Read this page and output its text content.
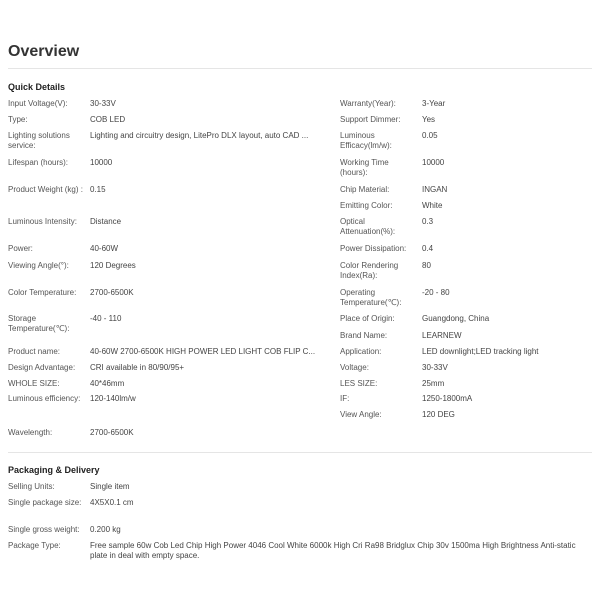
Overview
Quick Details
Input Voltage(V):	30-33V
Type:	COB LED
Lighting solutions service:
Lighting and circuitry design, LitePro DLX layout, auto CAD ...
Lifespan (hours):	10000
Product Weight (kg) : 0.15
Luminous Intensity:	Distance
Power:	40-60W
Viewing Angle(°):	120 Degrees
Color Temperature:	2700-6500K
Storage Temperature(℃):
-40 - 110
Product name:	40-60W 2700-6500K HIGH POWER LED LIGHT COB FLIP C...
Design Advantage:	CRI available in 80/90/95+
WHOLE SIZE:	40*46mm
Luminous efficiency:	120-140lm/w
Wavelength:	2700-6500K
Warranty(Year):	3-Year
Support Dimmer:	Yes
Luminous Efficacy(lm/w):
0.05
Working Time (hours):
10000
Chip Material:	INGAN
Emitting Color:	White
Optical Attenuation(%):
0.3
Power Dissipation:	0.4
Color Rendering Index(Ra):
80
Operating Temperature(℃):
-20 - 80
Place of Origin:	Guangdong, China
Brand Name:	LEARNEW
Application:	LED downlight;LED tracking light
Voltage:	30-33V
LES SIZE:	25mm
IF:	1250-1800mA
View Angle:	120 DEG
Packaging & Delivery
Selling Units:	Single item
Single package size:	4X5X0.1 cm
Single gross weight:	0.200 kg
Package Type:	Free sample 60w Cob Led Chip High Power 4046 Cool White 6000k High Cri Ra98 Bridglux Chip 30v 1500ma High Brightness Anti-static plate in deal with empty space.
